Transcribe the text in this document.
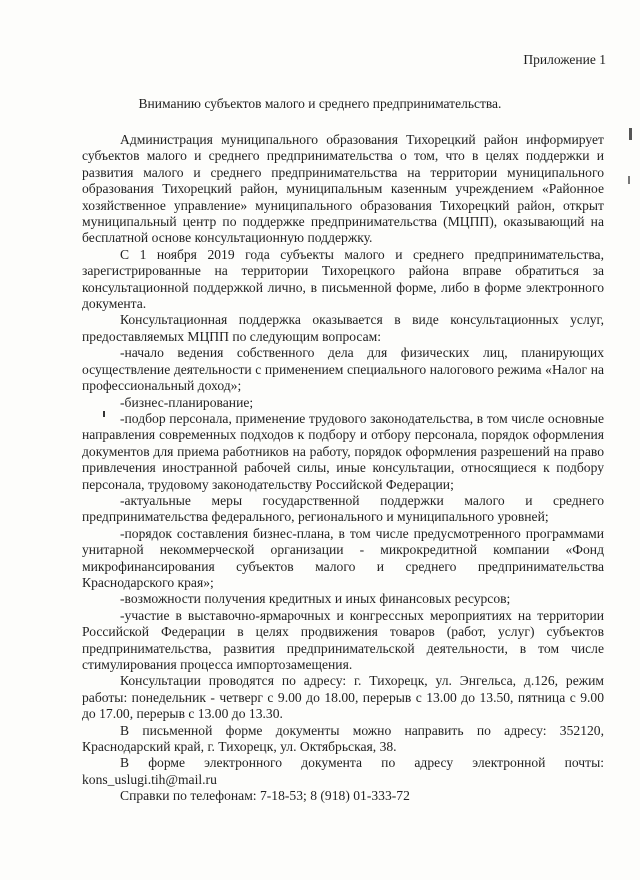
Приложение 1
Вниманию субъектов малого и среднего предпринимательства.

Администрация муниципального образования Тихорецкий район информирует субъектов малого и среднего предпринимательства о том, что в целях поддержки и развития малого и среднего предпринимательства на территории муниципального образования Тихорецкий район, муниципальным казенным учреждением «Районное хозяйственное управление» муниципального образования Тихорецкий район, открыт муниципальный центр по поддержке предпринимательства (МЦПП), оказывающий на бесплатной основе консультационную поддержку.

С 1 ноября 2019 года субъекты малого и среднего предпринимательства, зарегистрированные на территории Тихорецкого района вправе обратиться за консультационной поддержкой лично, в письменной форме, либо в форме электронного документа.

Консультационная поддержка оказывается в виде консультационных услуг, предоставляемых МЦПП по следующим вопросам:

-начало ведения собственного дела для физических лиц, планирующих осуществление деятельности с применением специального налогового режима «Налог на профессиональный доход»;

-бизнес-планирование;

-подбор персонала, применение трудового законодательства, в том числе основные направления современных подходов к подбору и отбору персонала, порядок оформления документов для приема работников на работу, порядок оформления разрешений на право привлечения иностранной рабочей силы, иные консультации, относящиеся к подбору персонала, трудовому законодательству Российской Федерации;

-актуальные меры государственной поддержки малого и среднего предпринимательства федерального, регионального и муниципального уровней;

-порядок составления бизнес-плана, в том числе предусмотренного программами унитарной некоммерческой организации - микрокредитной компании «Фонд микрофинансирования субъектов малого и среднего предпринимательства Краснодарского края»;

-возможности получения кредитных и иных финансовых ресурсов;

-участие в выставочно-ярмарочных и конгрессных мероприятиях на территории Российской Федерации в целях продвижения товаров (работ, услуг) субъектов предпринимательства, развития предпринимательской деятельности, в том числе стимулирования процесса импортозамещения.

Консультации проводятся по адресу: г. Тихорецк, ул. Энгельса, д.126, режим работы: понедельник - четверг с 9.00 до 18.00, перерыв с 13.00 до 13.50, пятница с 9.00 до 17.00, перерыв с 13.00 до 13.30.

В письменной форме документы можно направить по адресу: 352120, Краснодарский край, г. Тихорецк, ул. Октябрьская, 38.

В форме электронного документа по адресу электронной почты: kons_uslugi.tih@mail.ru

Справки по телефонам: 7-18-53; 8 (918) 01-333-72
